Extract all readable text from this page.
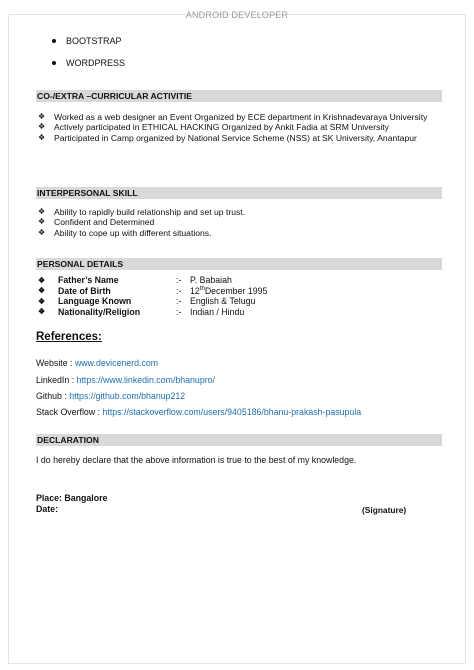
ANDROID DEVELOPER
BOOTSTRAP
WORDPRESS
CO-/EXTRA –CURRICULAR ACTIVITIE
❖	Worked as a web designer an Event Organized by ECE department in Krishnadevaraya University
❖	Actively participated in ETHICAL HACKING Organized by Ankit Fadia at SRM University
❖	Participated in Camp organized by National Service Scheme (NSS) at SK University, Anantapur
INTERPERSONAL SKILL
❖	Ability to rapidly build relationship and set up trust.
❖	Confident and Determined
❖	Ability to cope up with different situations.
PERSONAL DETAILS
❖	Father’s Name	:- P. Babaiah
❖	Date of Birth	:- 12thDecember 1995
❖	Language Known	:- English & Telugu
❖	Nationality/Religion	:- Indian / Hindu
References:
Website : www.devicenerd.com
LinkedIn : https://www.linkedin.com/bhanupro/
Github : https://github.com/bhanup212
Stack Overflow : https://stackoverflow.com/users/9405186/bhanu-prakash-pasupula
DECLARATION
I do hereby declare that the above information is true to the best of my knowledge.
Place: Bangalore
Date:	(Signature)
